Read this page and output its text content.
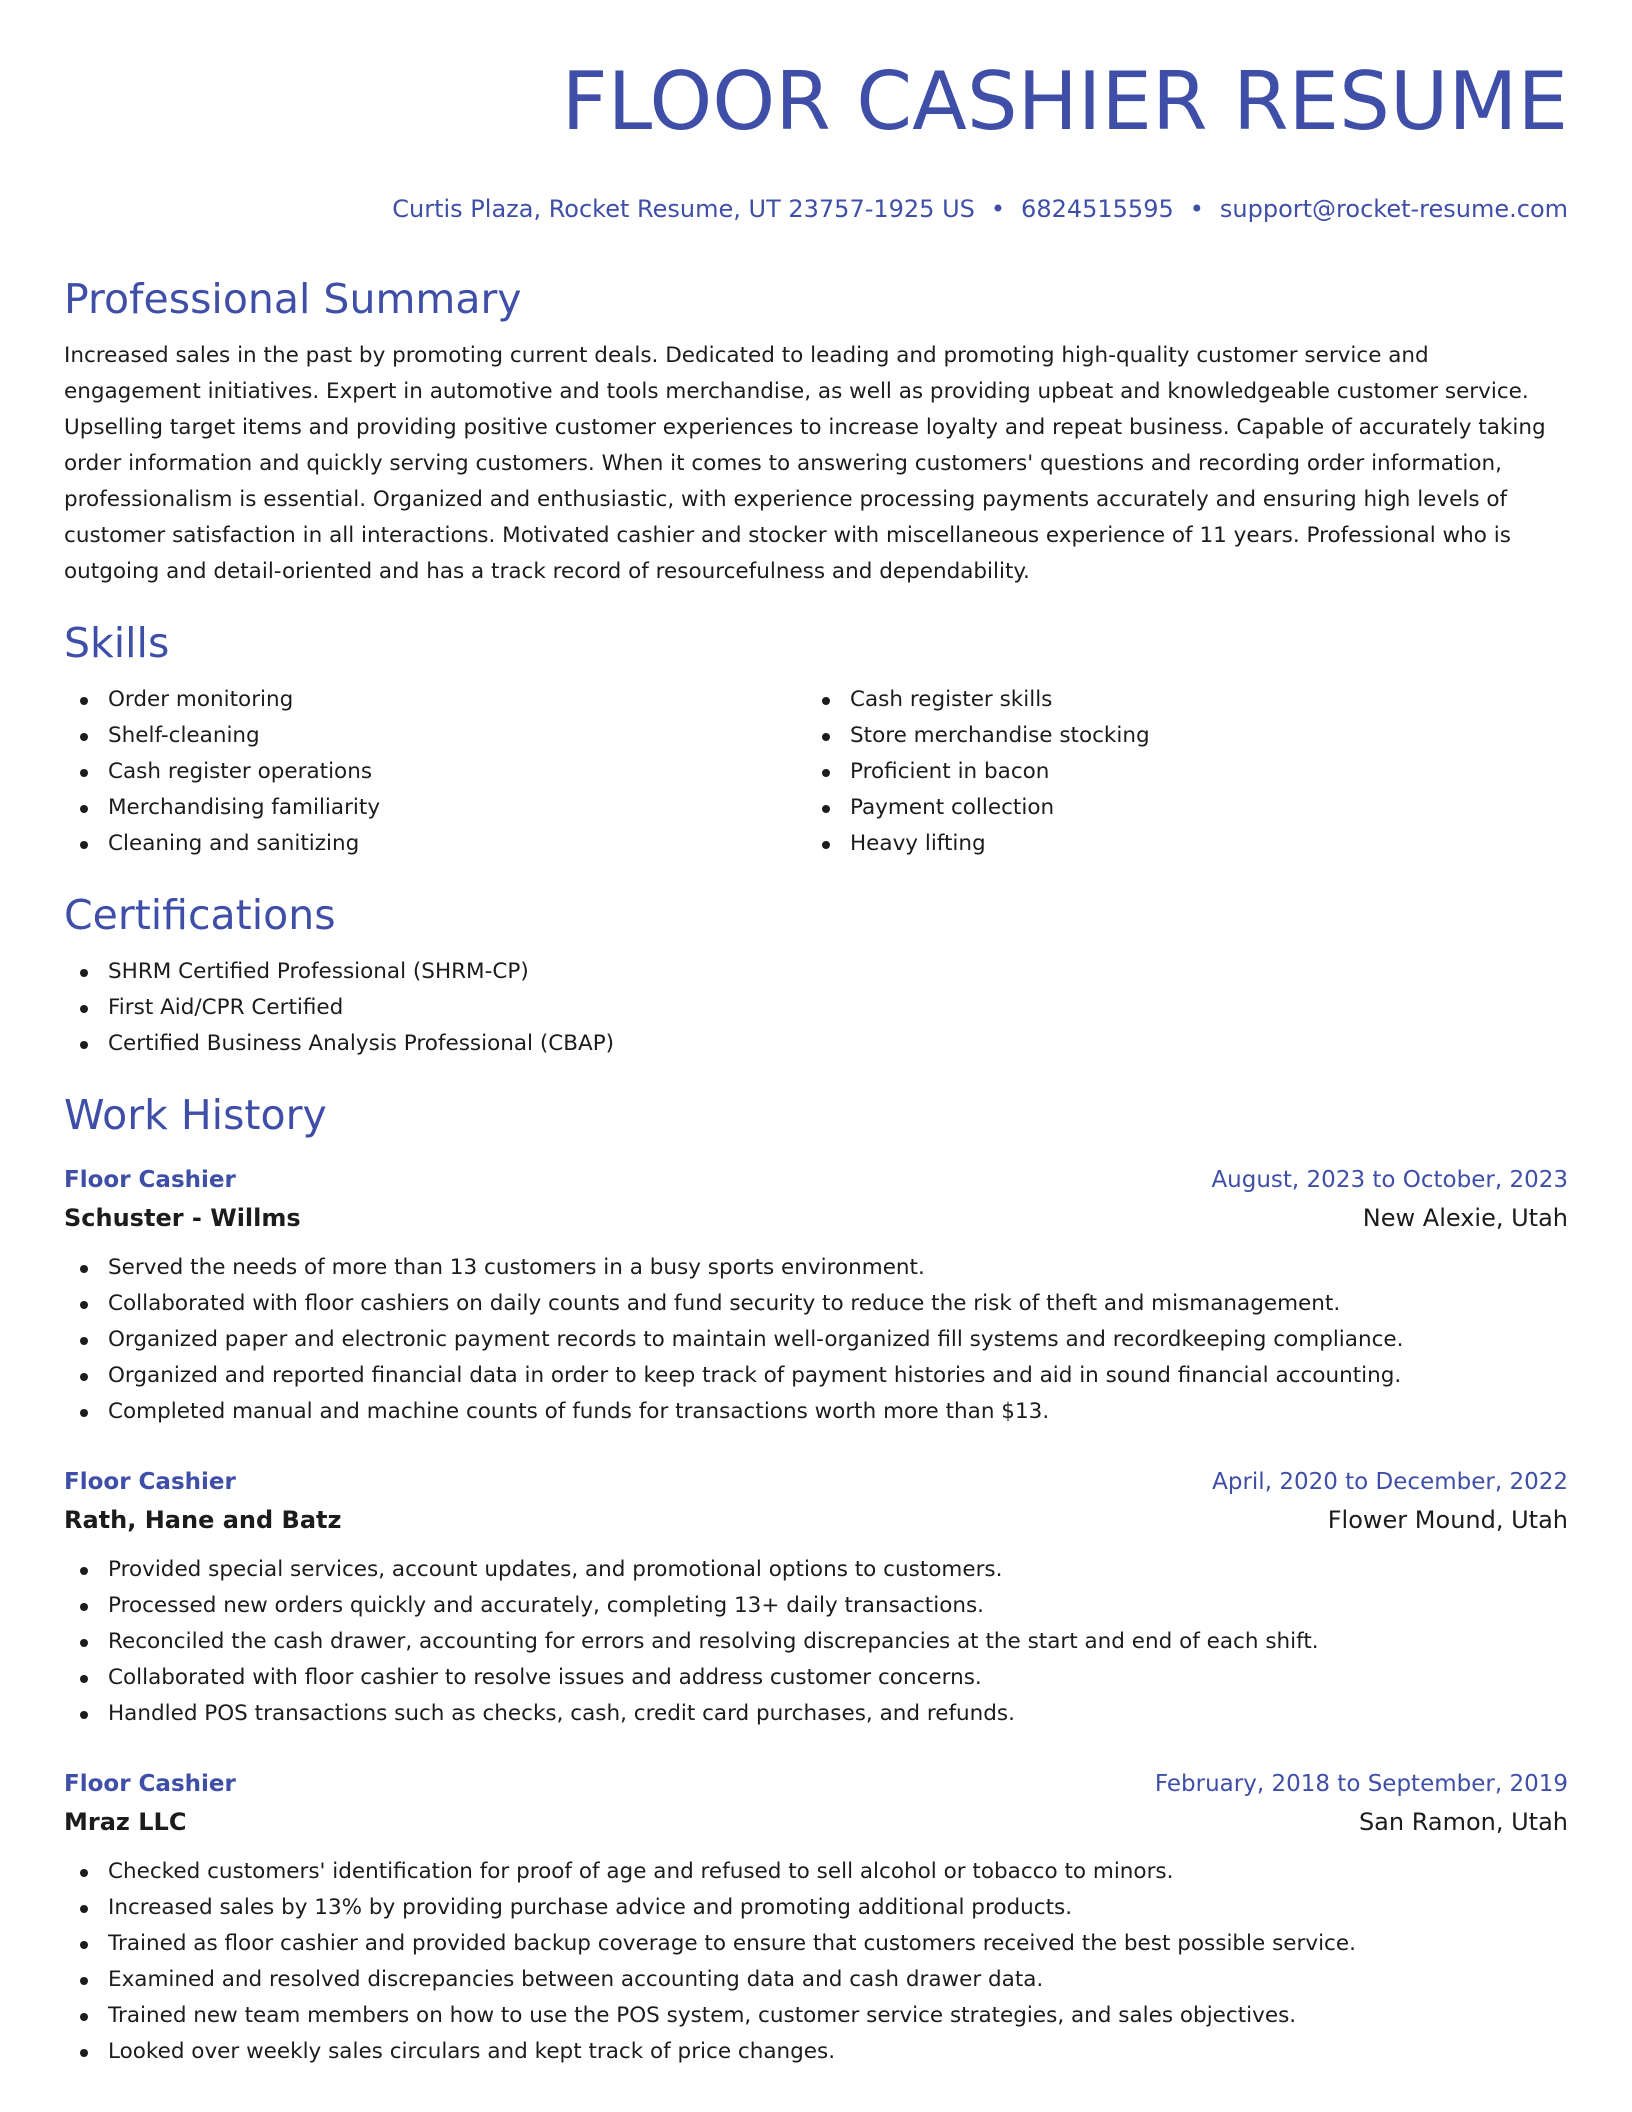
FLOOR CASHIER RESUME
Curtis Plaza, Rocket Resume, UT 23757-1925 US • 6824515595 • support@rocket-resume.com
Professional Summary

Increased sales in the past by promoting current deals. Dedicated to leading and promoting high-quality customer service and engagement initiatives. Expert in automotive and tools merchandise, as well as providing upbeat and knowledgeable customer service. Upselling target items and providing positive customer experiences to increase loyalty and repeat business. Capable of accurately taking order information and quickly serving customers. When it comes to answering customers' questions and recording order information, professionalism is essential. Organized and enthusiastic, with experience processing payments accurately and ensuring high levels of customer satisfaction in all interactions. Motivated cashier and stocker with miscellaneous experience of 11 years. Professional who is outgoing and detail-oriented and has a track record of resourcefulness and dependability.

Skills
Order monitoring
Shelf-cleaning
Cash register operations
Merchandising familiarity
Cleaning and sanitizing
Cash register skills
Store merchandise stocking
Proficient in bacon
Payment collection
Heavy lifting
Certifications
SHRM Certified Professional (SHRM-CP)
First Aid/CPR Certified
Certified Business Analysis Professional (CBAP)
Work History
Floor Cashier	August, 2023 to October, 2023
Schuster - Willms	New Alexie, Utah
Served the needs of more than 13 customers in a busy sports environment.
Collaborated with floor cashiers on daily counts and fund security to reduce the risk of theft and mismanagement.
Organized paper and electronic payment records to maintain well-organized fill systems and recordkeeping compliance.
Organized and reported financial data in order to keep track of payment histories and aid in sound financial accounting.
Completed manual and machine counts of funds for transactions worth more than $13.
Floor Cashier	April, 2020 to December, 2022
Rath, Hane and Batz	Flower Mound, Utah
Provided special services, account updates, and promotional options to customers.
Processed new orders quickly and accurately, completing 13+ daily transactions.
Reconciled the cash drawer, accounting for errors and resolving discrepancies at the start and end of each shift.
Collaborated with floor cashier to resolve issues and address customer concerns.
Handled POS transactions such as checks, cash, credit card purchases, and refunds.
Floor Cashier	February, 2018 to September, 2019
Mraz LLC	San Ramon, Utah
Checked customers' identification for proof of age and refused to sell alcohol or tobacco to minors.
Increased sales by 13% by providing purchase advice and promoting additional products.
Trained as floor cashier and provided backup coverage to ensure that customers received the best possible service.
Examined and resolved discrepancies between accounting data and cash drawer data.
Trained new team members on how to use the POS system, customer service strategies, and sales objectives.
Looked over weekly sales circulars and kept track of price changes.
